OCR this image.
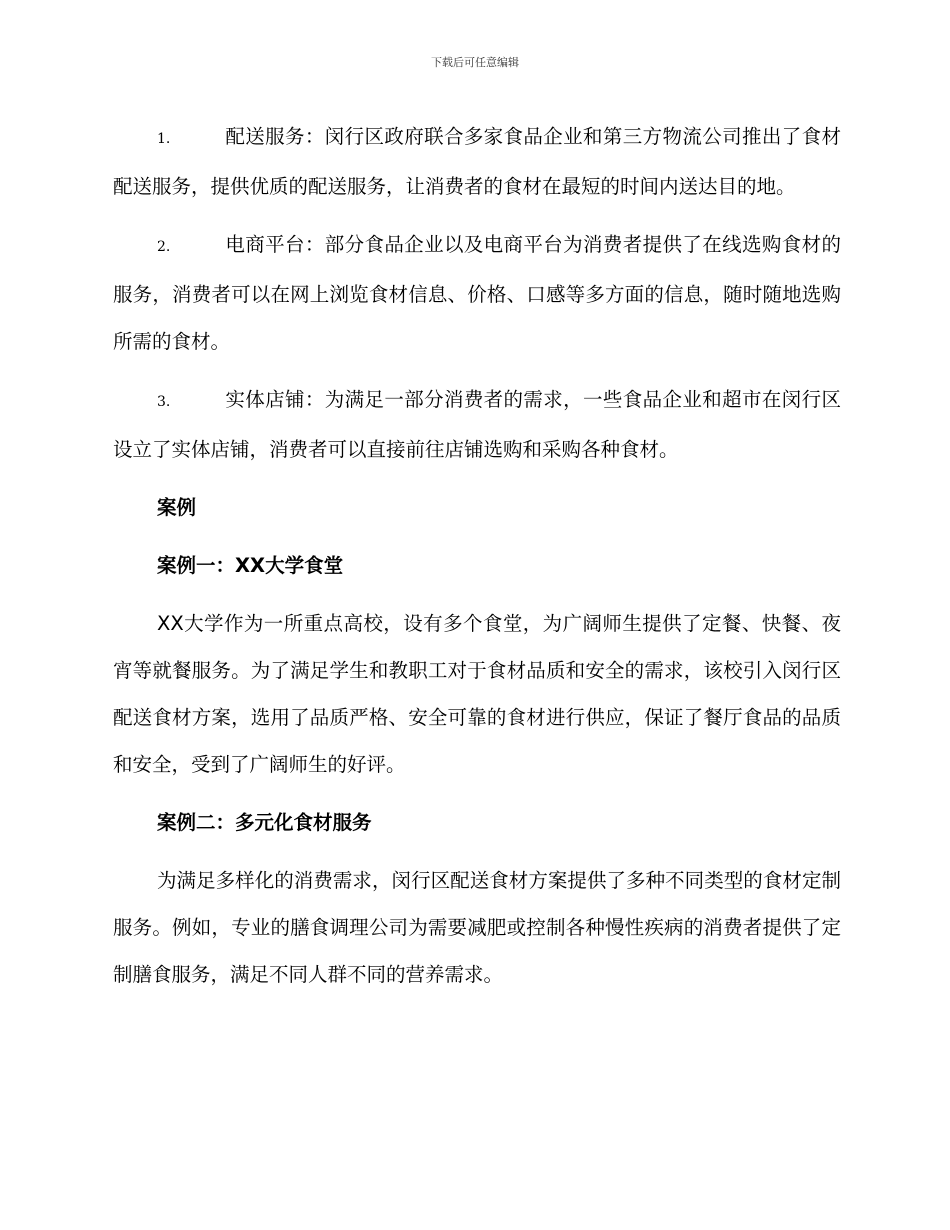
下载后可任意编辑

1.	配送服务：闵行区政府联合多家食品企业和第三方物流公司推出了食材配送服务，提供优质的配送服务，让消费者的食材在最短的时间内送达目的地。

2.	电商平台：部分食品企业以及电商平台为消费者提供了在线选购食材的服务，消费者可以在网上浏览食材信息、价格、口感等多方面的信息，随时随地选购所需的食材。

3.	实体店铺：为满足一部分消费者的需求，一些食品企业和超市在闵行区设立了实体店铺，消费者可以直接前往店铺选购和采购各种食材。

案例
案例一：XX大学食堂

XX大学作为一所重点高校，设有多个食堂，为广阔师生提供了定餐、快餐、夜宵等就餐服务。为了满足学生和教职工对于食材品质和安全的需求，该校引入闵行区配送食材方案，选用了品质严格、安全可靠的食材进行供应，保证了餐厅食品的品质和安全，受到了广阔师生的好评。

案例二：多元化食材服务

为满足多样化的消费需求，闵行区配送食材方案提供了多种不同类型的食材定制服务。例如，专业的膳食调理公司为需要减肥或控制各种慢性疾病的消费者提供了定制膳食服务，满足不同人群不同的营养需求。
